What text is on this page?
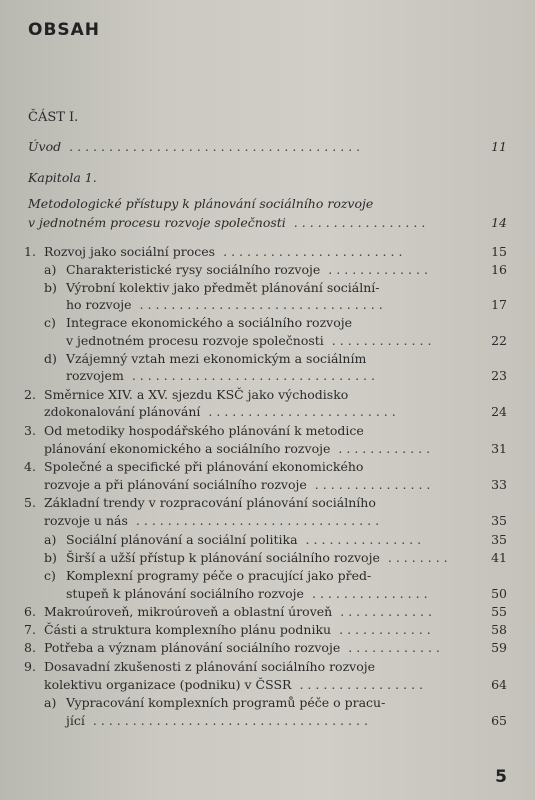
OBSAH
ČÁST I.
Úvod .....................................	11
Kapitola 1.
Metodologické přístupy k plánování sociálního rozvoje
v jednotném procesu rozvoje společnosti .................	14
1. Rozvoj jako sociální proces .......................	15
a) Charakteristické rysy sociálního rozvoje .............	16
b) Výrobní kolektiv jako předmět plánování sociální-
ho rozvoje ...............................	17
c) Integrace ekonomického a sociálního rozvoje
v jednotném procesu rozvoje společnosti .............	22
d) Vzájemný vztah mezi ekonomickým a sociálním
rozvojem ...............................	23
2. Směrnice XIV. a XV. sjezdu KSČ jako východisko
zdokonalování plánování ........................	24
3. Od metodiky hospodářského plánování k metodice
plánování ekonomického a sociálního rozvoje ............	31
4. Společné a specifické při plánování ekonomického
rozvoje a při plánování sociálního rozvoje ...............	33
5. Základní trendy v rozpracování plánování sociálního
rozvoje u nás ...............................	35
a) Sociální plánování a sociální politika ...............	35
b) Širší a užší přístup k plánování sociálního rozvoje ........	41
c) Komplexní programy péče o pracující jako před-
stupeň k plánování sociálního rozvoje ...............	50
6. Makroúroveň, mikroúroveň a oblastní úroveň ............	55
7. Části a struktura komplexního plánu podniku ............	58
8. Potřeba a význam plánování sociálního rozvoje ............	59
9. Dosavadní zkušenosti z plánování sociálního rozvoje
kolektivu organizace (podniku) v ČSSR ................	64
a) Vypracování komplexních programů péče o pracu-
jící ...................................	65
5
